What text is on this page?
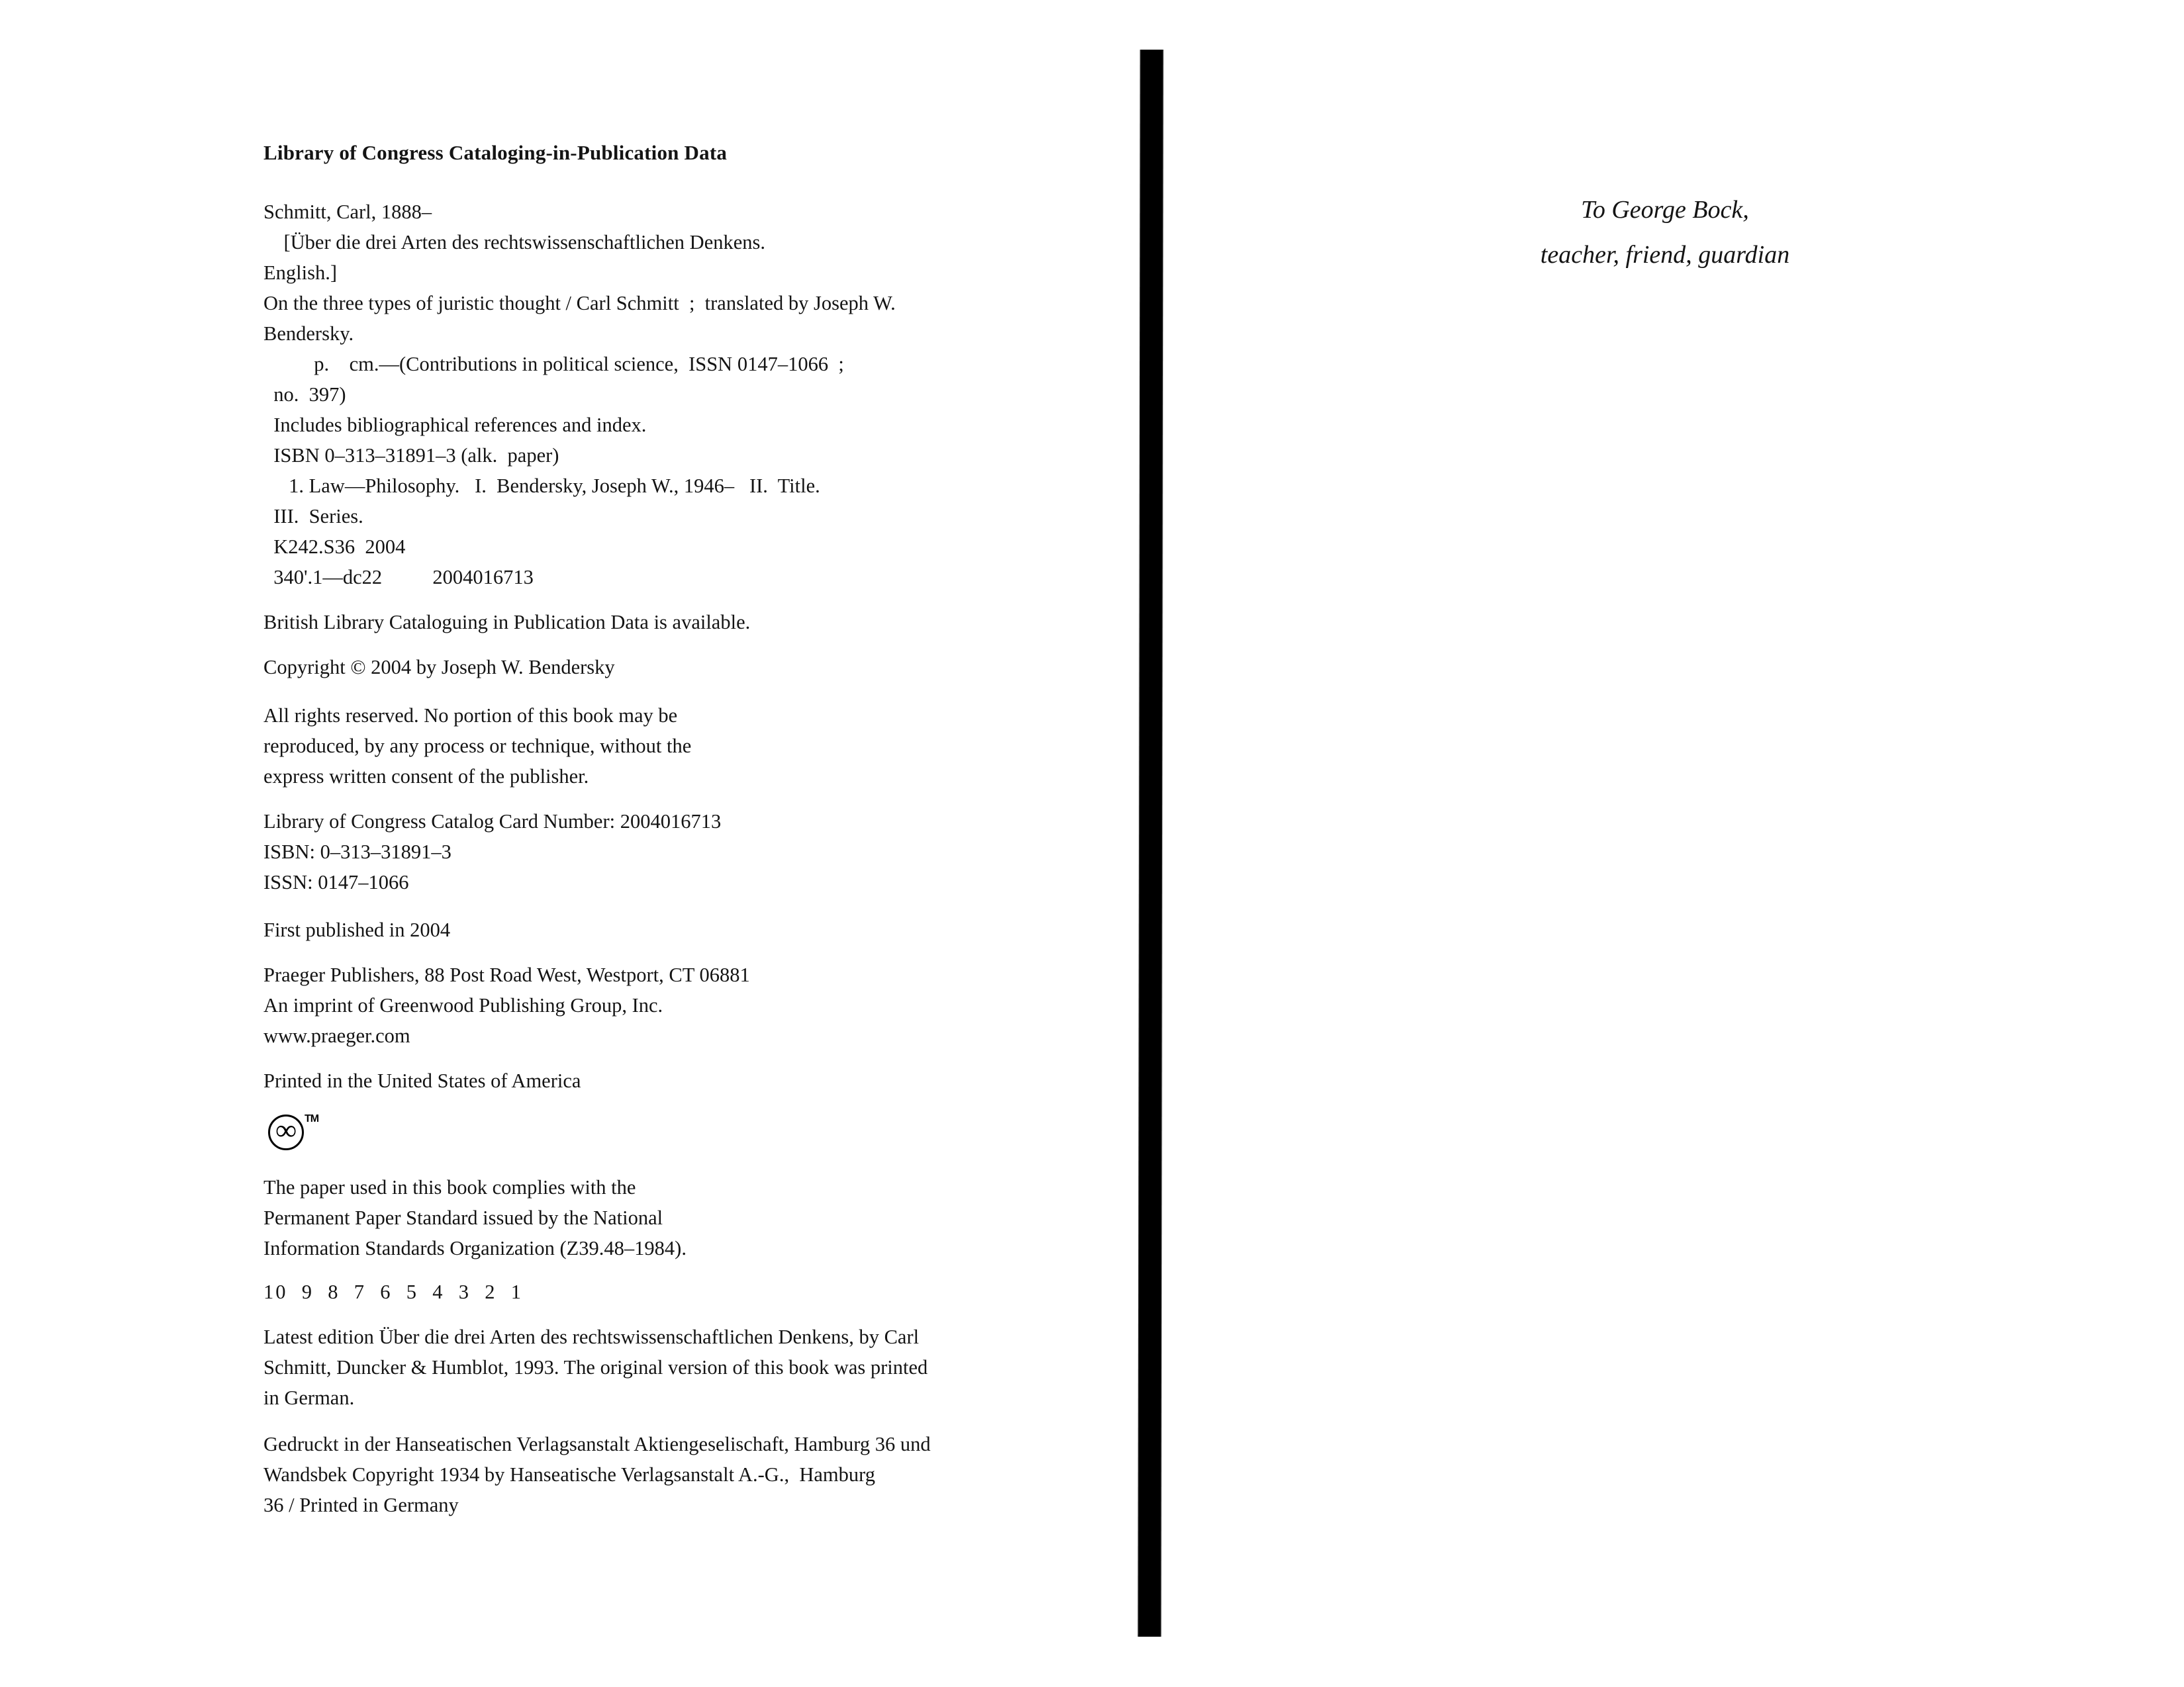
Library of Congress Cataloging-in-Publication Data
Schmitt, Carl, 1888–
[Über die drei Arten des rechtswissenschaftlichen Denkens.
English.]
On the three types of juristic thought / Carl Schmitt  ;  translated by Joseph W.
Bendersky.
p.    cm.—(Contributions in political science,  ISSN 0147–1066  ;
no.  397)
Includes bibliographical references and index.
ISBN 0–313–31891–3 (alk.  paper)
1. Law—Philosophy.   I.  Bendersky, Joseph W., 1946–   II.  Title.
III.  Series.
K242.S36  2004
340'.1—dc22          2004016713
British Library Cataloguing in Publication Data is available.
Copyright © 2004 by Joseph W. Bendersky
All rights reserved. No portion of this book may be
reproduced, by any process or technique, without the
express written consent of the publisher.
Library of Congress Catalog Card Number: 2004016713
ISBN: 0–313–31891–3
ISSN: 0147–1066
First published in 2004
Praeger Publishers, 88 Post Road West, Westport, CT 06881
An imprint of Greenwood Publishing Group, Inc.
www.praeger.com
Printed in the United States of America
∞ TM
The paper used in this book complies with the
Permanent Paper Standard issued by the National
Information Standards Organization (Z39.48–1984).
10  9  8  7  6  5  4  3  2  1
Latest edition Über die drei Arten des rechtswissenschaftlichen Denkens, by Carl
Schmitt, Duncker & Humblot, 1993. The original version of this book was printed
in German.
Gedruckt in der Hanseatischen Verlagsanstalt Aktiengeselischaft, Hamburg 36 und
Wandsbek Copyright 1934 by Hanseatische Verlagsanstalt A.-G.,  Hamburg
36 / Printed in Germany
To George Bock,
teacher, friend, guardian
